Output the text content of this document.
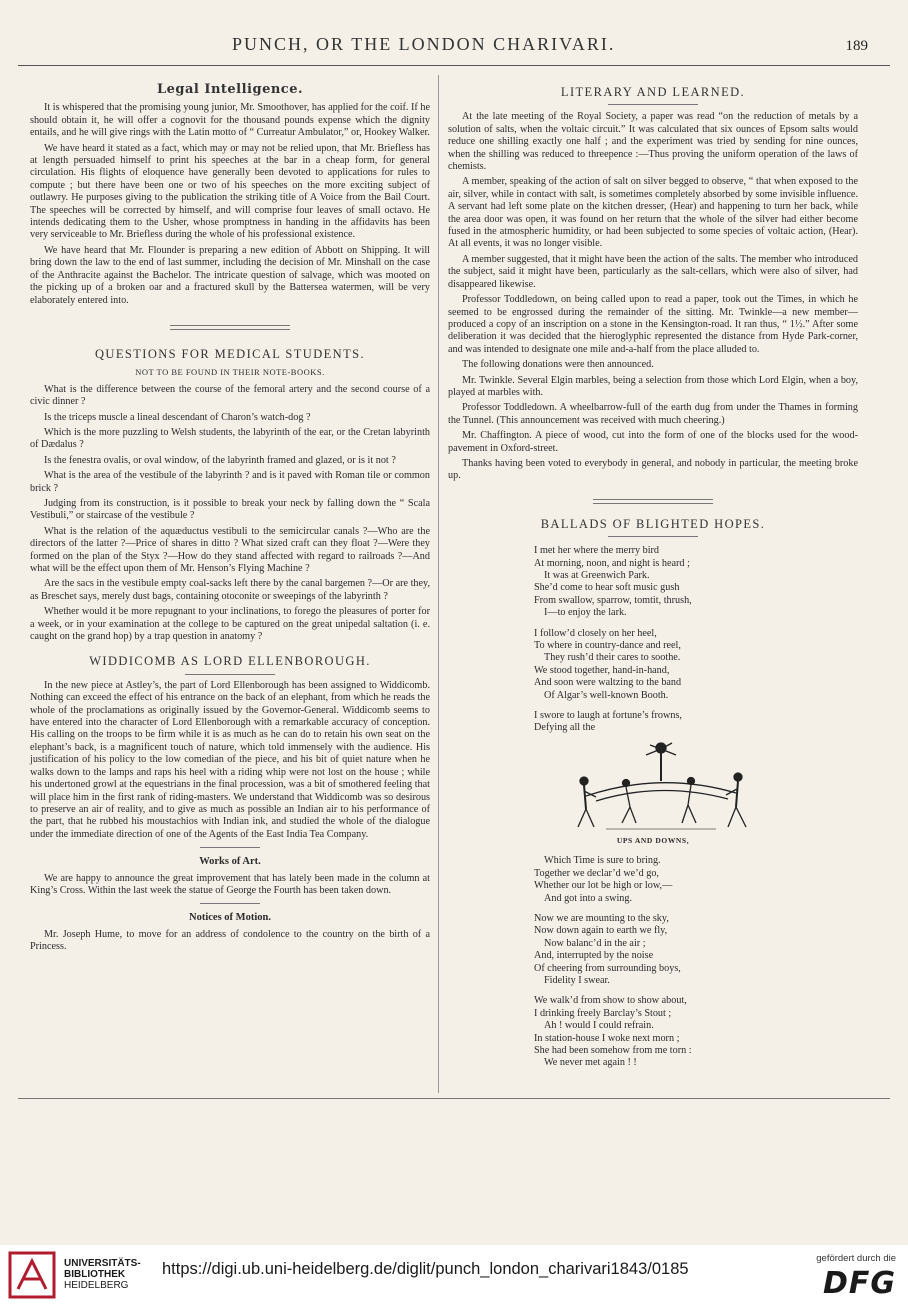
PUNCH, OR THE LONDON CHARIVARI.	189
Legal Intelligence.

It is whispered that the promising young junior, Mr. Smoothover, has applied for the coif. If he should obtain it, he will offer a cognovit for the thousand pounds expense which the dignity entails, and he will give rings with the Latin motto of “ Curreatur Ambulator,” or, Hookey Walker.

We have heard it stated as a fact, which may or may not be relied upon, that Mr. Briefless has at length persuaded himself to print his speeches at the bar in a cheap form, for general circulation. His flights of eloquence have generally been devoted to applications for rules to compute ; but there have been one or two of his speeches on the more exciting subject of outlawry. He purposes giving to the publication the striking title of A Voice from the Bail Court. The speeches will be corrected by himself, and will comprise four leaves of small octavo. He intends dedicating them to the Usher, whose promptness in handing in the affidavits has been very serviceable to Mr. Briefless during the whole of his professional existence.

We have heard that Mr. Flounder is preparing a new edition of Abbott on Shipping. It will bring down the law to the end of last summer, including the decision of Mr. Minshall on the case of the Anthracite against the Bachelor. The intricate question of salvage, which was mooted on the picking up of a broken oar and a fractured skull by the Battersea watermen, will be very elaborately entered into.

QUESTIONS FOR MEDICAL STUDENTS.
NOT TO BE FOUND IN THEIR NOTE-BOOKS.

What is the difference between the course of the femoral artery and the second course of a civic dinner ?

Is the triceps muscle a lineal descendant of Charon’s watch-dog ?

Which is the more puzzling to Welsh students, the labyrinth of the ear, or the Cretan labyrinth of Dædalus ?

Is the fenestra ovalis, or oval window, of the labyrinth framed and glazed, or is it not ?

What is the area of the vestibule of the labyrinth ? and is it paved with Roman tile or common brick ?

Judging from its construction, is it possible to break your neck by falling down the “ Scala Vestibuli,” or staircase of the vestibule ?

What is the relation of the aquæductus vestibuli to the semicircular canals ?—Who are the directors of the latter ?—Price of shares in ditto ? What sized craft can they float ?—Were they formed on the plan of the Styx ?—How do they stand affected with regard to railroads ?—And what will be the effect upon them of Mr. Henson’s Flying Machine ?

Are the sacs in the vestibule empty coal-sacks left there by the canal bargemen ?—Or are they, as Breschet says, merely dust bags, containing otoconite or sweepings of the labyrinth ?

Whether would it be more repugnant to your inclinations, to forego the pleasures of porter for a week, or in your examination at the college to be captured on the great unipedal saltation (i. e. caught on the grand hop) by a trap question in anatomy ?

WIDDICOMB AS LORD ELLENBOROUGH.

In the new piece at Astley’s, the part of Lord Ellenborough has been assigned to Widdicomb. Nothing can exceed the effect of his entrance on the back of an elephant, from which he reads the whole of the proclamations as originally issued by the Governor-General. Widdicomb seems to have entered into the character of Lord Ellenborough with a remarkable accuracy of conception. His calling on the troops to be firm while it is as much as he can do to retain his own seat on the elephant’s back, is a magnificent touch of nature, which told immensely with the audience. His justification of his policy to the low comedian of the piece, and his bit of quiet nature when he walks down to the lamps and raps his heel with a riding whip were not lost on the house ; while his undertoned growl at the equestrians in the final procession, was a bit of smothered feeling that will place him in the first rank of riding-masters. We understand that Widdicomb was so desirous to preserve an air of reality, and to give as much as possible an Indian air to his performance of the part, that he rubbed his moustachios with Indian ink, and studied the whole of the dialogue under the immediate direction of one of the Agents of the East India Tea Company.

Works of Art.

We are happy to announce the great improvement that has lately been made in the column at King’s Cross. Within the last week the statue of George the Fourth has been taken down.

Notices of Motion.

Mr. Joseph Hume, to move for an address of condolence to the country on the birth of a Princess.

LITERARY AND LEARNED.

At the late meeting of the Royal Society, a paper was read “on the reduction of metals by a solution of salts, when the voltaic circuit.” It was calculated that six ounces of Epsom salts would reduce one shilling exactly one half ; and the experiment was tried by sending for nine ounces, when the shilling was reduced to threepence :—Thus proving the uniform operation of the laws of chemists.

A member, speaking of the action of salt on silver begged to observe, “ that when exposed to the air, silver, while in contact with salt, is sometimes completely absorbed by some invisible influence. A servant had left some plate on the kitchen dresser, (Hear) and happening to turn her back, while the area door was open, it was found on her return that the whole of the silver had either become fused in the atmospheric humidity, or had been subjected to some species of voltaic action, (Hear). At all events, it was no longer visible.

A member suggested, that it might have been the action of the salts. The member who introduced the subject, said it might have been, particularly as the salt-cellars, which were also of silver, had disappeared likewise.

Professor Toddledown, on being called upon to read a paper, took out the Times, in which he seemed to be engrossed during the remainder of the sitting. Mr. Twinkle—a new member—produced a copy of an inscription on a stone in the Kensington-road. It ran thus, “ 1½.” After some deliberation it was decided that the hieroglyphic represented the distance from Hyde Park-corner, and was intended to designate one mile and-a-half from the place alluded to.

The following donations were then announced.

Mr. Twinkle. Several Elgin marbles, being a selection from those which Lord Elgin, when a boy, played at marbles with.

Professor Toddledown. A wheelbarrow-full of the earth dug from under the Thames in forming the Tunnel. (This announcement was received with much cheering.)

Mr. Chaffington. A piece of wood, cut into the form of one of the blocks used for the wood-pavement in Oxford-street.

Thanks having been voted to everybody in general, and nobody in particular, the meeting broke up.

BALLADS OF BLIGHTED HOPES.
I met her where the merry bird
At morning, noon, and night is heard ;
It was at Greenwich Park.
She’d come to hear soft music gush
From swallow, sparrow, tomtit, thrush,
I—to enjoy the lark.
I follow’d closely on her heel,
To where in country-dance and reel,
They rush’d their cares to soothe.
We stood together, hand-in-hand,
And soon were waltzing to the band
Of Algar’s well-known Booth.
I swore to laugh at fortune’s frowns,
Defying all the
UPS AND DOWNS,
Which Time is sure to bring.
Together we declar’d we’d go,
Whether our lot be high or low,—
And got into a swing.
Now we are mounting to the sky,
Now down again to earth we fly,
Now balanc’d in the air ;
And, interrupted by the noise
Of cheering from surrounding boys,
Fidelity I swear.
We walk’d from show to show about,
I drinking freely Barclay’s Stout ;
Ah ! would I could refrain.
In station-house I woke next morn ;
She had been somehow from me torn :
We never met again ! !
UNIVERSITÄTS-
BIBLIOTHEK
HEIDELBERG
https://digi.ub.uni-heidelberg.de/diglit/punch_london_charivari1843/0185
gefördert durch die
DFG
